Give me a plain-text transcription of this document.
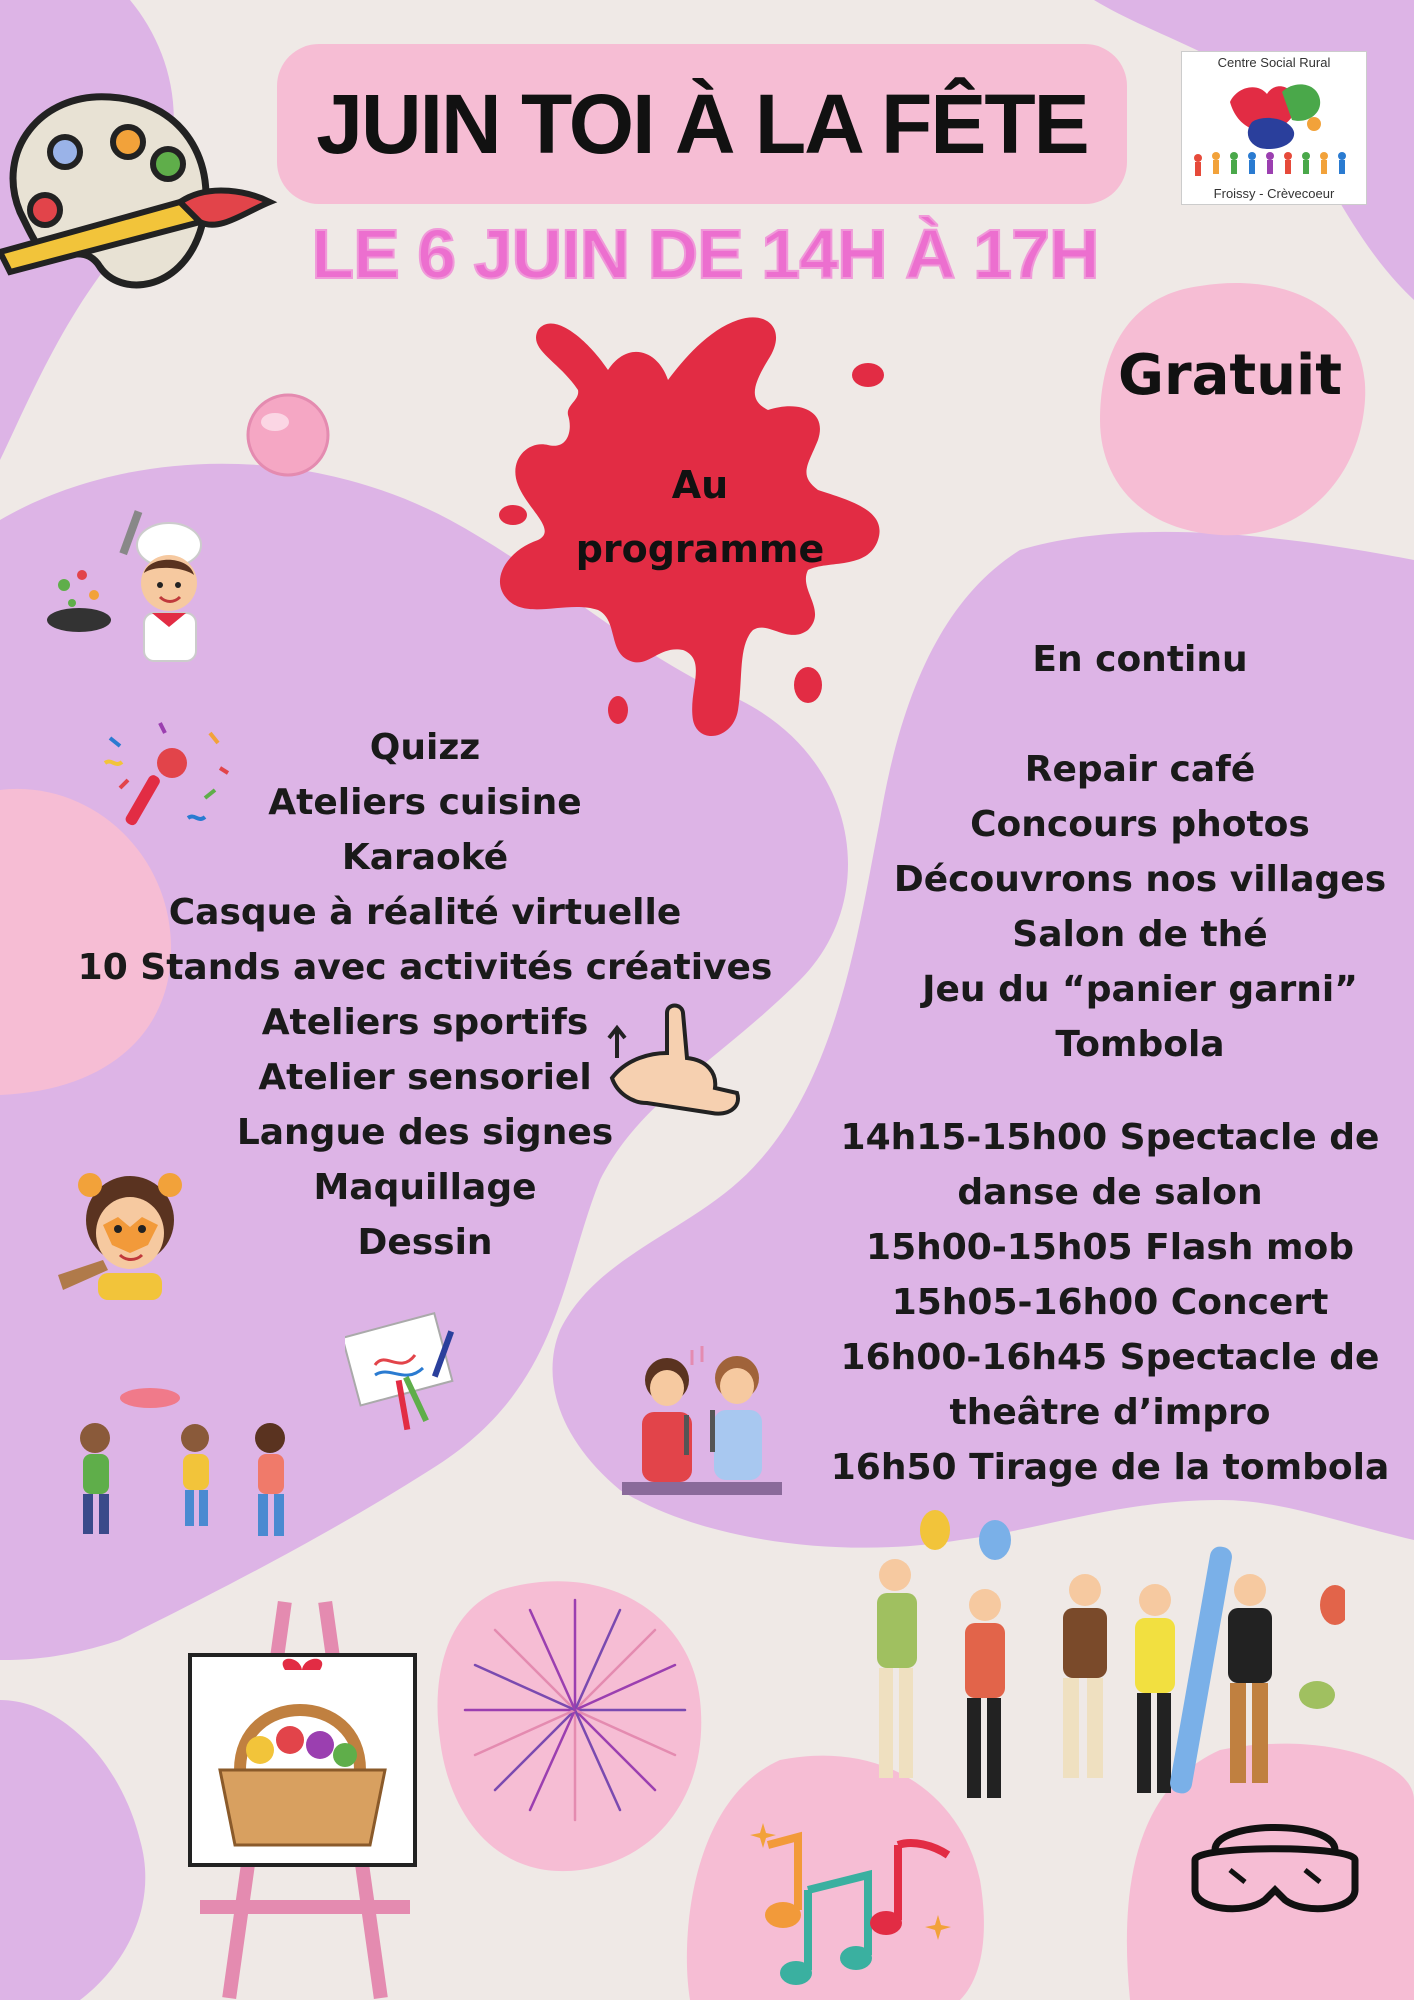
JUIN TOI À LA FÊTE
LE 6 JUIN DE 14H À 17H
Centre Social Rural
Froissy - Crèvecoeur
Au
programme
Gratuit
Quizz
Ateliers cuisine
Karaoké
Casque à réalité virtuelle
10 Stands avec activités créatives
Ateliers sportifs
Atelier sensoriel
Langue des signes
Maquillage
Dessin
En continu
Repair café
Concours photos
Découvrons nos villages
Salon de thé
Jeu du “panier garni”
Tombola
14h15-15h00 Spectacle de
danse de salon
15h00-15h05 Flash mob
15h05-16h00 Concert
16h00-16h45 Spectacle de
theâtre d’impro
16h50 Tirage de la tombola
